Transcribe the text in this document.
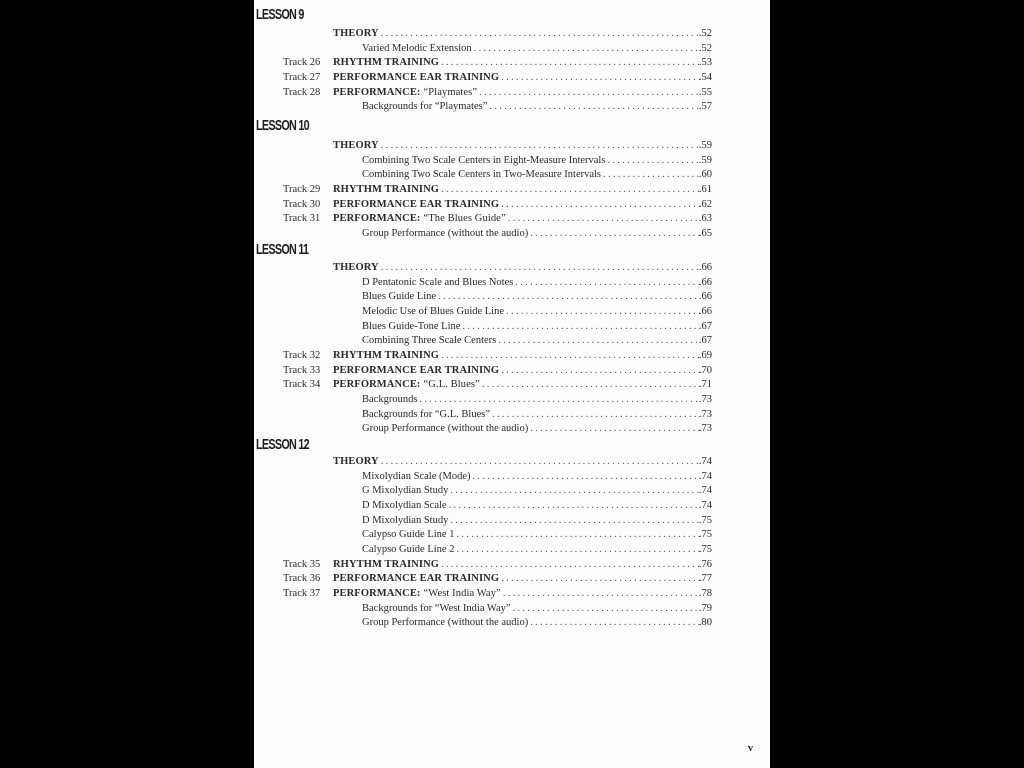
v
LESSON 9
THEORY .....	.52
Varied Melodic Extension .....	.52
Track 26 RHYTHM TRAINING .....	.53
Track 27 PERFORMANCE EAR TRAINING .....	.54
Track 28 PERFORMANCE: “Playmates” .....	.55
Backgrounds for “Playmates” .....	.57
LESSON 10
THEORY .....	.59
Combining Two Scale Centers in Eight-Measure Intervals .....	.59
Combining Two Scale Centers in Two-Measure Intervals .....	.60
Track 29 RHYTHM TRAINING .....	.61
Track 30 PERFORMANCE EAR TRAINING .....	.62
Track 31 PERFORMANCE: “The Blues Guide” .....	.63
Group Performance (without the audio) .....	.65
LESSON 11
THEORY .....	.66
D Pentatonic Scale and Blues Notes .....	.66
Blues Guide Line .....	.66
Melodic Use of Blues Guide Line .....	.66
Blues Guide-Tone Line .....	.67
Combining Three Scale Centers .....	.67
Track 32 RHYTHM TRAINING .....	.69
Track 33 PERFORMANCE EAR TRAINING .....	.70
Track 34 PERFORMANCE: “G.L. Blues” .....	.71
Backgrounds .....	.73
Backgrounds for “G.L. Blues” .....	.73
Group Performance (without the audio) .....	.73
LESSON 12
THEORY .....	.74
Mixolydian Scale (Mode) .....	.74
G Mixolydian Study .....	.74
D Mixolydian Scale .....	.74
D Mixolydian Study .....	.75
Calypso Guide Line 1 .....	.75
Calypso Guide Line 2 .....	.75
Track 35 RHYTHM TRAINING .....	.76
Track 36 PERFORMANCE EAR TRAINING .....	.77
Track 37 PERFORMANCE: “West India Way” .....	.78
Backgrounds for “West India Way” .....	.79
Group Performance (without the audio) .....	.80
